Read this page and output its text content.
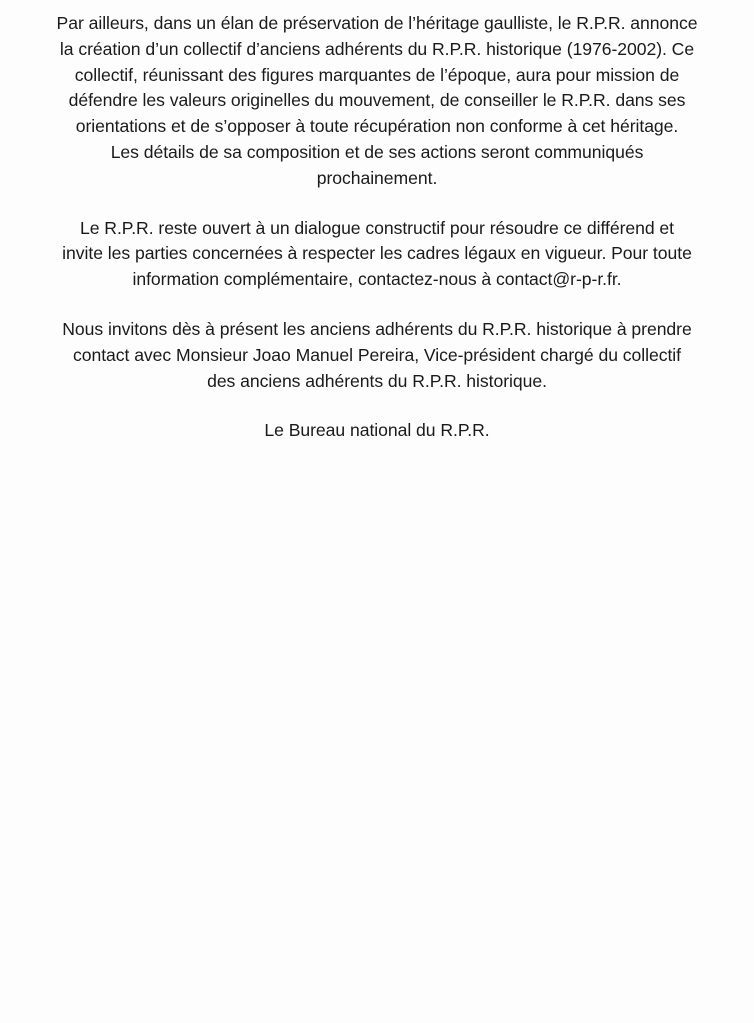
Par ailleurs, dans un élan de préservation de l’héritage gaulliste, le R.P.R. annonce
la création d’un collectif d’anciens adhérents du R.P.R. historique (1976-2002). Ce
collectif, réunissant des figures marquantes de l’époque, aura pour mission de
défendre les valeurs originelles du mouvement, de conseiller le R.P.R. dans ses
orientations et de s’opposer à toute récupération non conforme à cet héritage.
Les détails de sa composition et de ses actions seront communiqués
prochainement.

Le R.P.R. reste ouvert à un dialogue constructif pour résoudre ce différend et
invite les parties concernées à respecter les cadres légaux en vigueur. Pour toute
information complémentaire, contactez-nous à contact@r-p-r.fr.

Nous invitons dès à présent les anciens adhérents du R.P.R. historique à prendre
contact avec Monsieur Joao Manuel Pereira, Vice-président chargé du collectif
des anciens adhérents du R.P.R. historique.

Le Bureau national du R.P.R.
